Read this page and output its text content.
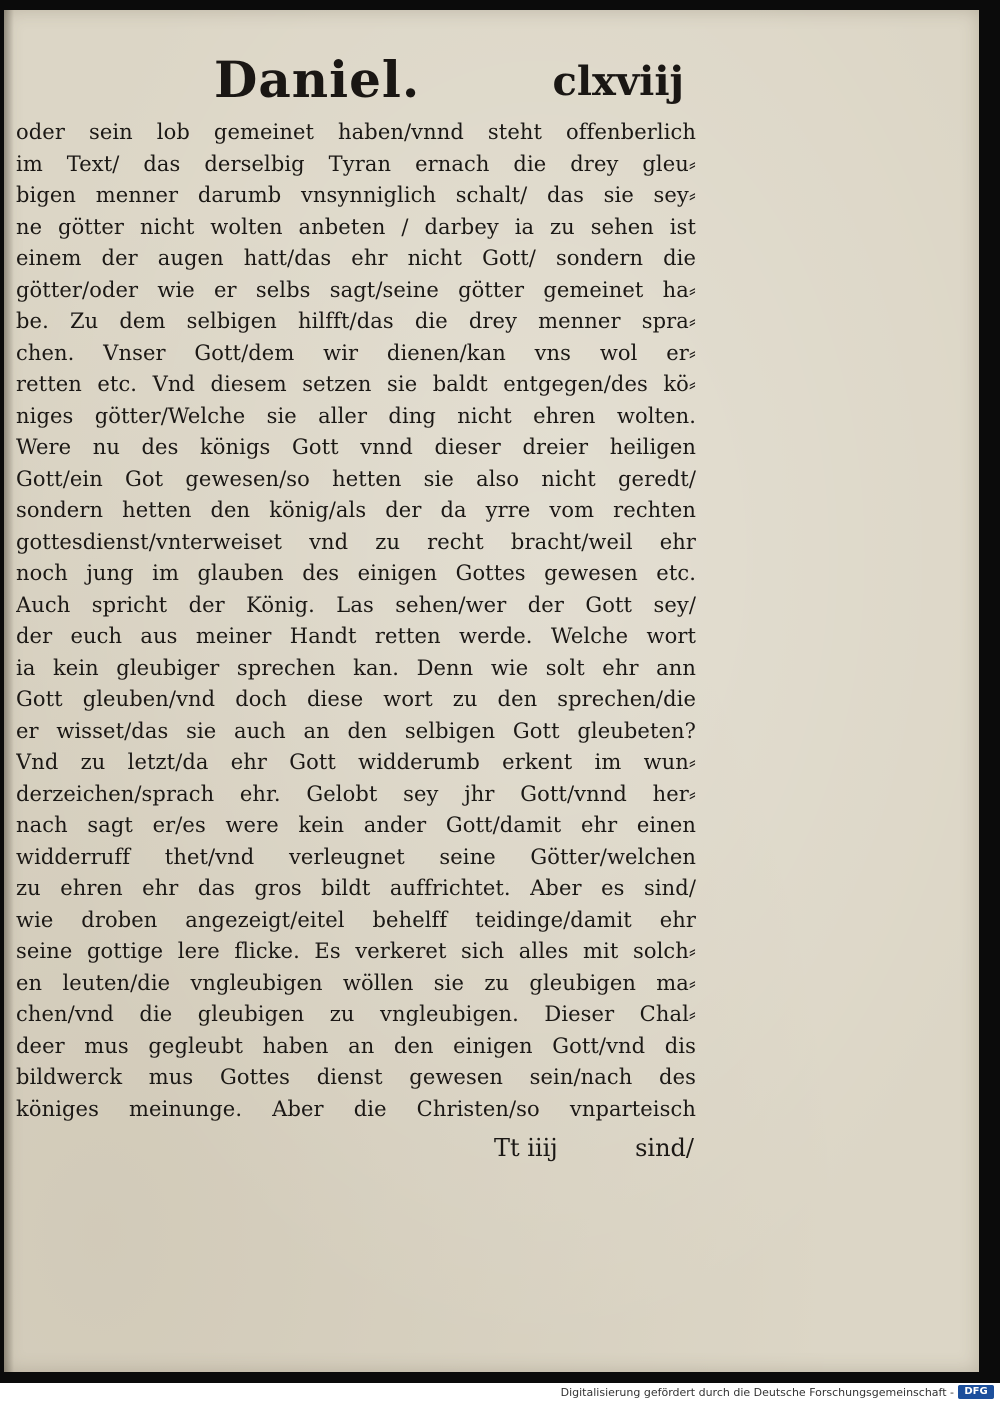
Daniel.	clxviij
oder sein lob gemeinet haben/vnnd steht offenberlich
im Text/ das derselbig Tyran ernach die drey gleu⸗
bigen menner darumb vnsynniglich schalt/ das sie sey⸗
ne götter nicht wolten anbeten / darbey ia zu sehen ist
einem der augen hatt/das ehr nicht Gott/ sondern die
götter/oder wie er selbs sagt/seine götter gemeinet ha⸗
be. Zu dem selbigen hilfft/das die drey menner spra⸗
chen. Vnser Gott/dem wir dienen/kan vns wol er⸗
retten etc. Vnd diesem setzen sie baldt entgegen/des kö⸗
niges götter/Welche sie aller ding nicht ehren wolten.
Were nu des königs Gott vnnd dieser dreier heiligen
Gott/ein Got gewesen/so hetten sie also nicht geredt/
sondern hetten den könig/als der da yrre vom rechten
gottesdienst/vnterweiset vnd zu recht bracht/weil ehr
noch jung im glauben des einigen Gottes gewesen etc.
Auch spricht der König. Las sehen/wer der Gott sey/
der euch aus meiner Handt retten werde. Welche wort
ia kein gleubiger sprechen kan. Denn wie solt ehr ann
Gott gleuben/vnd doch diese wort zu den sprechen/die
er wisset/das sie auch an den selbigen Gott gleubeten?
Vnd zu letzt/da ehr Gott widderumb erkent im wun⸗
derzeichen/sprach ehr. Gelobt sey jhr Gott/vnnd her⸗
nach sagt er/es were kein ander Gott/damit ehr einen
widderruff thet/vnd verleugnet seine Götter/welchen
zu ehren ehr das gros bildt auffrichtet. Aber es sind/
wie droben angezeigt/eitel behelff teidinge/damit ehr
seine gottige lere flicke. Es verkeret sich alles mit solch⸗
en leuten/die vngleubigen wöllen sie zu gleubigen ma⸗
chen/vnd die gleubigen zu vngleubigen. Dieser Chal⸗
deer mus gegleubt haben an den einigen Gott/vnd dis
bildwerck mus Gottes dienst gewesen sein/nach des
königes meinunge. Aber die Christen/so vnparteisch
Tt iiij	sind/
Digitalisierung gefördert durch die Deutsche Forschungsgemeinschaft -	DFG
